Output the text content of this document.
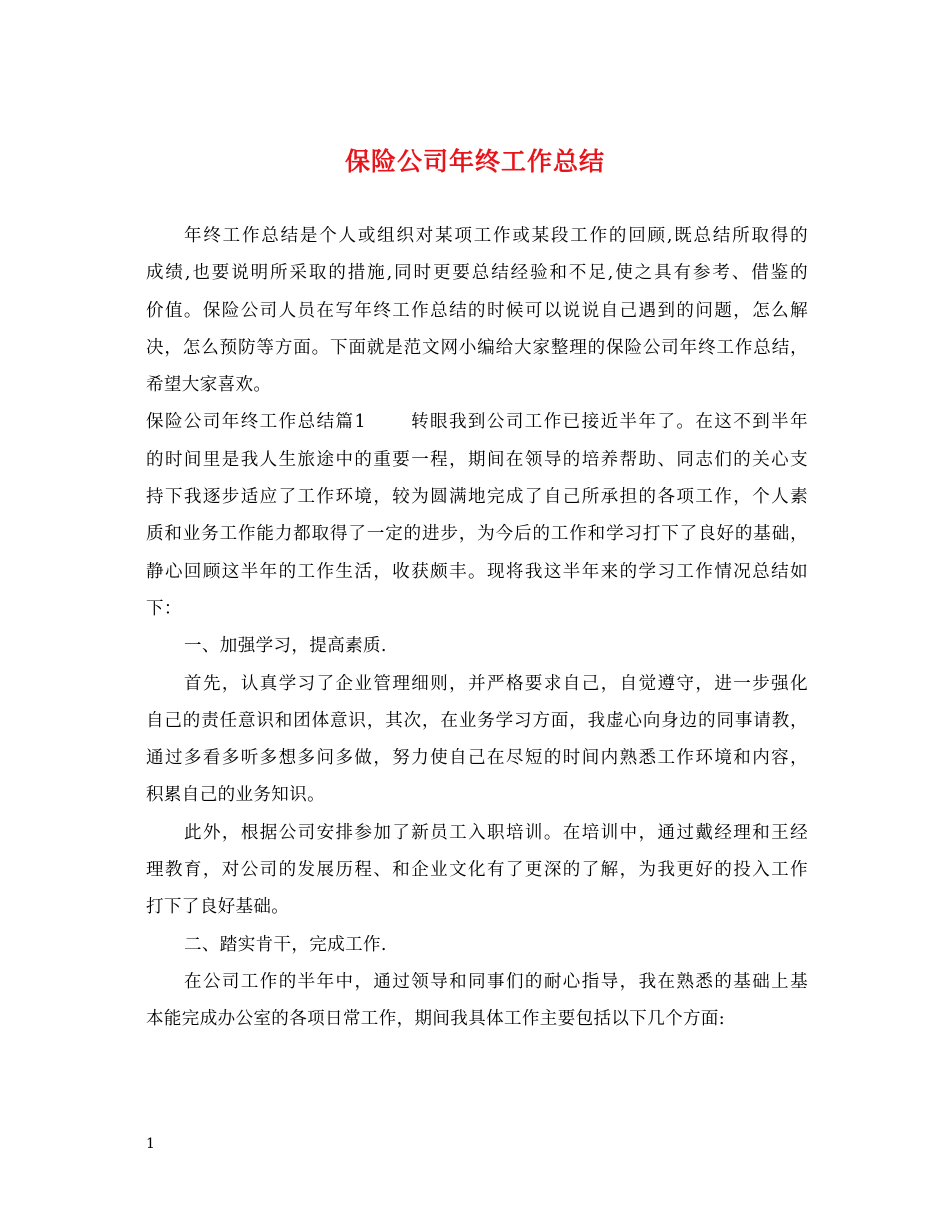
保险公司年终工作总结
年终工作总结是个人或组织对某项工作或某段工作的回顾,既总结所取得的
成绩,也要说明所采取的措施,同时更要总结经验和不足,使之具有参考、借鉴的
价值。保险公司人员在写年终工作总结的时候可以说说自己遇到的问题，怎么解
决，怎么预防等方面。下面就是范文网小编给大家整理的保险公司年终工作总结，
希望大家喜欢。
保险公司年终工作总结篇1	转眼我到公司工作已接近半年了。在这不到半年
的时间里是我人生旅途中的重要一程，期间在领导的培养帮助、同志们的关心支
持下我逐步适应了工作环境，较为圆满地完成了自己所承担的各项工作，个人素
质和业务工作能力都取得了一定的进步，为今后的工作和学习打下了良好的基础，
静心回顾这半年的工作生活，收获颇丰。现将我这半年来的学习工作情况总结如
下：
一、加强学习，提高素质.
首先，认真学习了企业管理细则，并严格要求自己，自觉遵守，进一步强化
自己的责任意识和团体意识，其次，在业务学习方面，我虚心向身边的同事请教，
通过多看多听多想多问多做，努力使自己在尽短的时间内熟悉工作环境和内容，
积累自己的业务知识。
此外，根据公司安排参加了新员工入职培训。在培训中，通过戴经理和王经
理教育，对公司的发展历程、和企业文化有了更深的了解，为我更好的投入工作
打下了良好基础。
二、踏实肯干，完成工作.
在公司工作的半年中，通过领导和同事们的耐心指导，我在熟悉的基础上基
本能完成办公室的各项日常工作，期间我具体工作主要包括以下几个方面:
1
